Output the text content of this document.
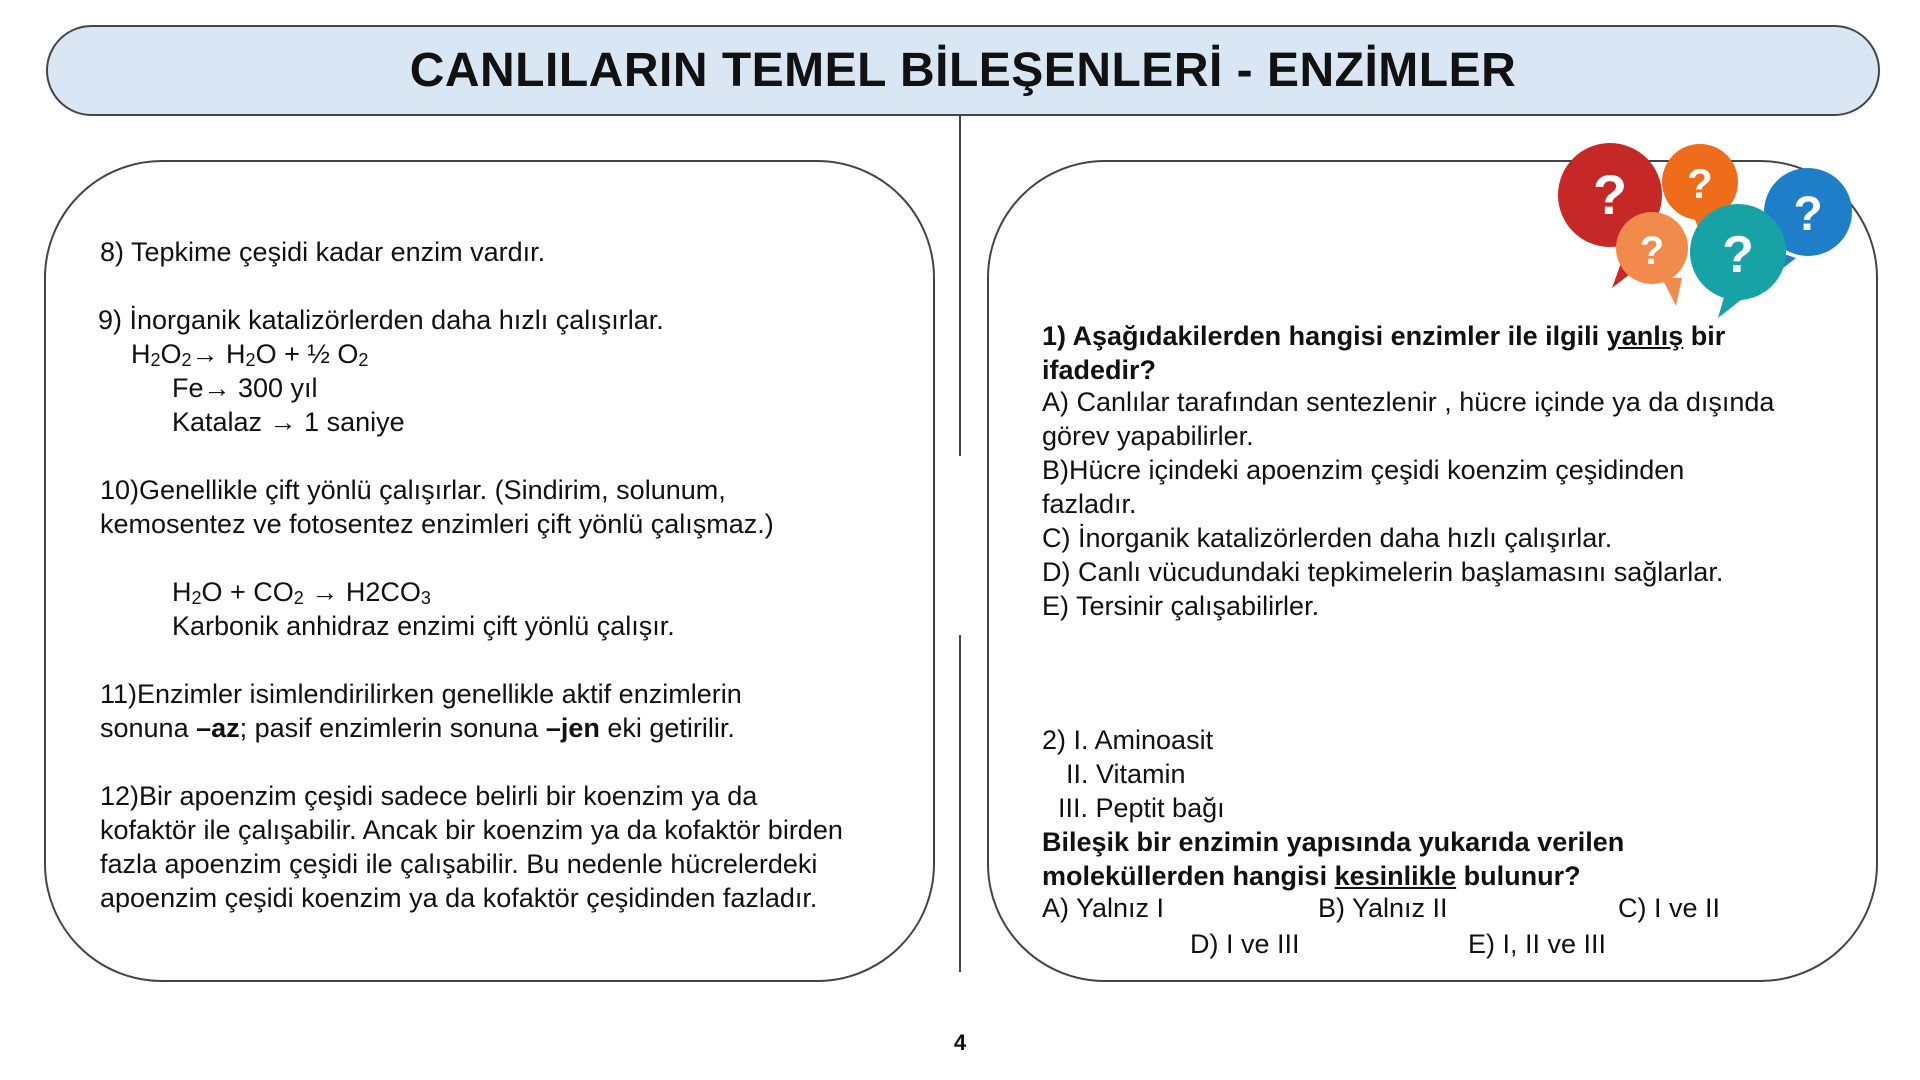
CANLILARIN TEMEL BİLEŞENLERİ - ENZİMLER
8) Tepkime çeşidi kadar enzim vardır.
9) İnorganik katalizörlerden daha hızlı çalışırlar.
$H_2O_2\to H_2O$ + ½ $O_2$
Fe→ 300 yıl
Katalaz → 1 saniye
10)Genellikle çift yönlü çalışırlar. (Sindirim, solunum,
kemosentez ve fotosentez enzimleri çift yönlü çalışmaz.)
$H_2O + CO_2 \to H2CO_3$
Karbonik anhidraz enzimi çift yönlü çalışır.
11)Enzimler isimlendirilirken genellikle aktif enzimlerin
sonuna –az; pasif enzimlerin sonuna –jen eki getirilir.
12)Bir apoenzim çeşidi sadece belirli bir koenzim ya da
kofaktör ile çalışabilir. Ancak bir koenzim ya da kofaktör birden
fazla apoenzim çeşidi ile çalışabilir. Bu nedenle hücrelerdeki
apoenzim çeşidi koenzim ya da kofaktör çeşidinden fazladır.
? ?
?
? ?
1) Aşağıdakilerden hangisi enzimler ile ilgili yanlış bir
ifadedir?
A) Canlılar tarafından sentezlenir , hücre içinde ya da dışında
görev yapabilirler.
B)Hücre içindeki apoenzim çeşidi koenzim çeşidinden
fazladır.
C) İnorganik katalizörlerden daha hızlı çalışırlar.
D) Canlı vücudundaki tepkimelerin başlamasını sağlarlar.
E) Tersinir çalışabilirler.
2) I. Aminoasit
II. Vitamin
III. Peptit bağı
Bileşik bir enzimin yapısında yukarıda verilen
moleküllerden hangisi kesinlikle bulunur?
A) Yalnız I	B) Yalnız II	C) I ve II
D) I ve III	E) I, II ve III
4
